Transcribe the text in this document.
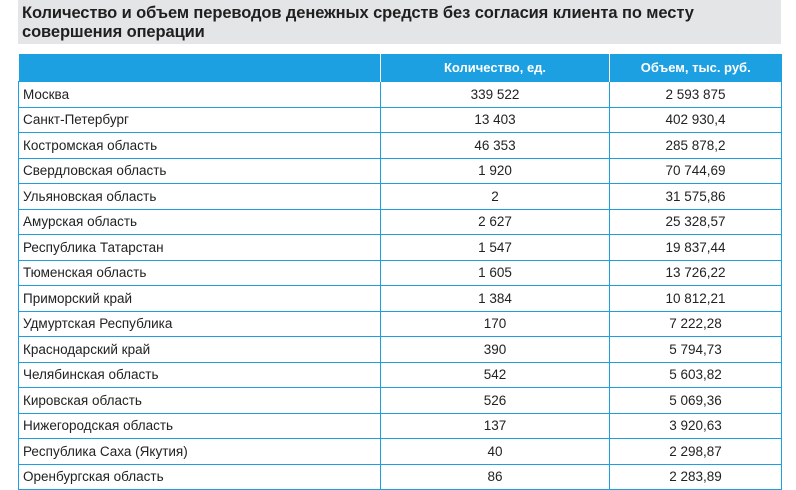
Количество и объем переводов денежных средств без согласия клиента по месту совершения операции
	Количество, ед.	Объем, тыс. руб.
Москва	339 522	2 593 875
Санкт-Петербург	13 403	402 930,4
Костромская область	46 353	285 878,2
Свердловская область	1 920	70 744,69
Ульяновская область	2	31 575,86
Амурская область	2 627	25 328,57
Республика Татарстан	1 547	19 837,44
Тюменская область	1 605	13 726,22
Приморский край	1 384	10 812,21
Удмуртская Республика	170	7 222,28
Краснодарский край	390	5 794,73
Челябинская область	542	5 603,82
Кировская область	526	5 069,36
Нижегородская область	137	3 920,63
Республика Саха (Якутия)	40	2 298,87
Оренбургская область	86	2 283,89
